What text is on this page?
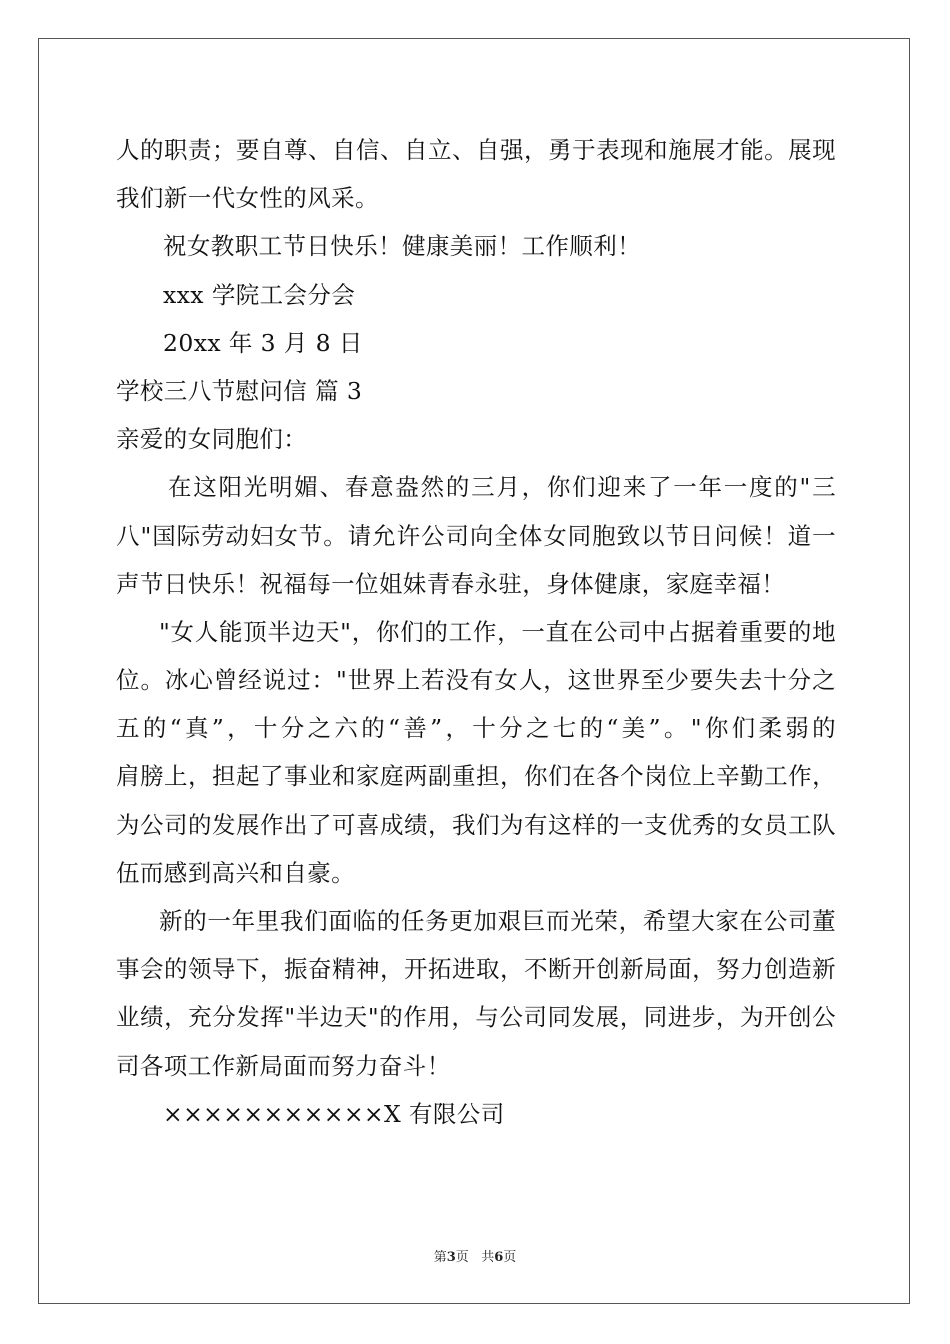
人的职责；要自尊、自信、自立、自强，勇于表现和施展才能。展现
我们新一代女性的风采。
祝女教职工节日快乐！健康美丽！工作顺利！
xxx 学院工会分会
20xx 年 3 月 8 日
学校三八节慰问信 篇 3
亲爱的女同胞们：
在这阳光明媚、春意盎然的三月，你们迎来了一年一度的"三
八"国际劳动妇女节。请允许公司向全体女同胞致以节日问候！道一
声节日快乐！祝福每一位姐妹青春永驻，身体健康，家庭幸福！
"女人能顶半边天"，你们的工作，一直在公司中占据着重要的地
位。冰心曾经说过："世界上若没有女人，这世界至少要失去十分之
五的“真”，十分之六的“善”，十分之七的“美”。"你们柔弱的
肩膀上，担起了事业和家庭两副重担，你们在各个岗位上辛勤工作，
为公司的发展作出了可喜成绩，我们为有这样的一支优秀的女员工队
伍而感到高兴和自豪。
新的一年里我们面临的任务更加艰巨而光荣，希望大家在公司董
事会的领导下，振奋精神，开拓进取，不断开创新局面，努力创造新
业绩，充分发挥"半边天"的作用，与公司同发展，同进步，为开创公
司各项工作新局面而努力奋斗！
×××××××××××X 有限公司
第3页   共6页
